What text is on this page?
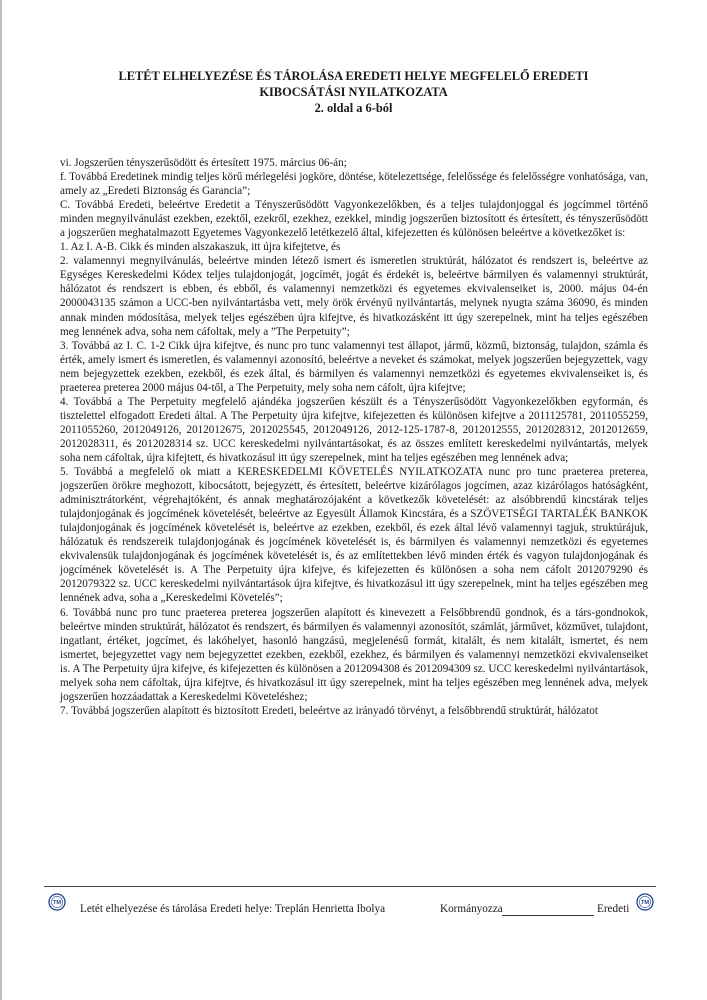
LETÉT ELHELYEZÉSE ÉS TÁROLÁSA EREDETI HELYE MEGFELELŐ EREDETI
KIBOCSÁTÁSI NYILATKOZATA
2. oldal a 6-ból

vi. Jogszerűen tényszerűsödött és értesített 1975. március 06-án;

f. Továbbá Eredetinek mindig teljes körű mérlegelési jogköre, döntése, kötelezettsége, felelőssége és felelősségre vonhatósága, van, amely az „Eredeti Biztonság és Garancia”;

C. Továbbá Eredeti, beleértve Eredetit a Tényszerűsödött Vagyonkezelőkben, és a teljes tulajdonjoggal és jogcímmel történő minden megnyilvánulást ezekben, ezektől, ezekről, ezekhez, ezekkel, mindig jogszerűen biztosított és értesített, és tényszerűsödött a jogszerűen meghatalmazott Egyetemes Vagyonkezelő letétkezelő által, kifejezetten és különösen beleértve a következőket is:

1. Az I. A-B. Cikk és minden alszakaszuk, itt újra kifejtetve, és

2. valamennyi megnyilvánulás, beleértve minden létező ismert és ismeretlen struktúrát, hálózatot és rendszert is, beleértve az Egységes Kereskedelmi Kódex teljes tulajdonjogát, jogcímét, jogát és érdekét is, beleértve bármilyen és valamennyi struktúrát, hálózatot és rendszert is ebben, és ebből, és valamennyi nemzetközi és egyetemes ekvivalenseiket is, 2000. május 04-én 2000043135 számon a UCC-ben nyilvántartásba vett, mely örök érvényű nyilvántartás, melynek nyugta száma 36090, és minden annak minden módosítása, melyek teljes egészében újra kifejtve, és hivatkozásként itt úgy szerepelnek, mint ha teljes egészében meg lennének adva, soha nem cáfoltak, mely a ”The Perpetuity”;

3. Továbbá az I. C. 1-2 Cikk újra kifejtve, és nunc pro tunc valamennyi test állapot, jármű, közmű, biztonság, tulajdon, számla és érték, amely ismert és ismeretlen, és valamennyi azonosító, beleértve a neveket és számokat, melyek jogszerűen bejegyzettek, vagy nem bejegyzettek ezekben, ezekből, és ezek által, és bármilyen és valamennyi nemzetközi és egyetemes ekvivalenseiket is, és praeterea preterea 2000 május 04-től, a The Perpetuity, mely soha nem cáfolt, újra kifejtve;

4. Továbbá a The Perpetuity megfelelő ajándéka jogszerűen készült és a Tényszerűsödött Vagyonkezelőkben egyformán, és tisztelettel elfogadott Eredeti által. A The Perpetuity újra kifejtve, kifejezetten és különösen kifejtve a 2011125781, 2011055259, 2011055260, 2012049126, 2012012675, 2012025545, 2012049126, 2012-125-1787-8, 2012012555, 2012028312, 2012012659, 2012028311, és 2012028314 sz. UCC kereskedelmi nyilvántartásokat, és az összes említett kereskedelmi nyilvántartás, melyek soha nem cáfoltak, újra kifejtett, és hivatkozásul itt úgy szerepelnek, mint ha teljes egészében meg lennének adva;

5. Továbbá a megfelelő ok miatt a KERESKEDELMI KÖVETELÉS NYILATKOZATA nunc pro tunc praeterea preterea, jogszerűen örökre meghozott, kibocsátott, bejegyzett, és értesített, beleértve kizárólagos jogcímen, azaz kizárólagos hatóságként, adminisztrátorként, végrehajtóként, és annak meghatározójaként a következők követelését: az alsóbbrendű kincstárak teljes tulajdonjogának és jogcímének követelését, beleértve az Egyesült Államok Kincstára, és a SZÖVETSÉGI TARTALÉK BANKOK tulajdonjogának és jogcímének követelését is, beleértve az ezekben, ezekből, és ezek által lévő valamennyi tagjuk, struktúrájuk, hálózatuk és rendszereik tulajdonjogának és jogcímének követelését is, és bármilyen és valamennyi nemzetközi és egyetemes ekvivalensük tulajdonjogának és jogcímének követelését is, és az említettekben lévő minden érték és vagyon tulajdonjogának és jogcímének követelését is. A The Perpetuity újra kifejve, és kifejezetten és különösen a soha nem cáfolt 2012079290 és 2012079322 sz. UCC kereskedelmi nyilvántartások újra kifejtve, és hivatkozásul itt úgy szerepelnek, mint ha teljes egészében meg lennének adva, soha a „Kereskedelmi Követelés”;

6. Továbbá nunc pro tunc praeterea preterea jogszerűen alapított és kinevezett a Felsőbbrendű gondnok, és a társ-gondnokok, beleértve minden struktúrát, hálózatot és rendszert, és bármilyen és valamennyi azonosítót, számlát, járművet, közművet, tulajdont, ingatlant, értéket, jogcímet, és lakóhelyet, hasonló hangzású, megjelenésű formát, kitalált, és nem kitalált, ismertet, és nem ismertet, bejegyzettet vagy nem bejegyzettet ezekben, ezekből, ezekhez, és bármilyen és valamennyi nemzetközi ekvivalenseiket is. A The Perpetuity újra kifejve, és kifejezetten és különösen a 2012094308 és 2012094309 sz. UCC kereskedelmi nyilvántartások, melyek soha nem cáfoltak, újra kifejtve, és hivatkozásul itt úgy szerepelnek, mint ha teljes egészében meg lennének adva, melyek jogszerűen hozzáadattak a Kereskedelmi Követeléshez;

7. Továbbá jogszerűen alapított és biztosított Eredeti, beleértve az irányadó törvényt, a felsőbbrendű struktúrát, hálózatot

TM Letét elhelyezése és tárolása Eredeti helye: Treplán Henrietta Ibolya	Kormányozza	Eredeti TM
